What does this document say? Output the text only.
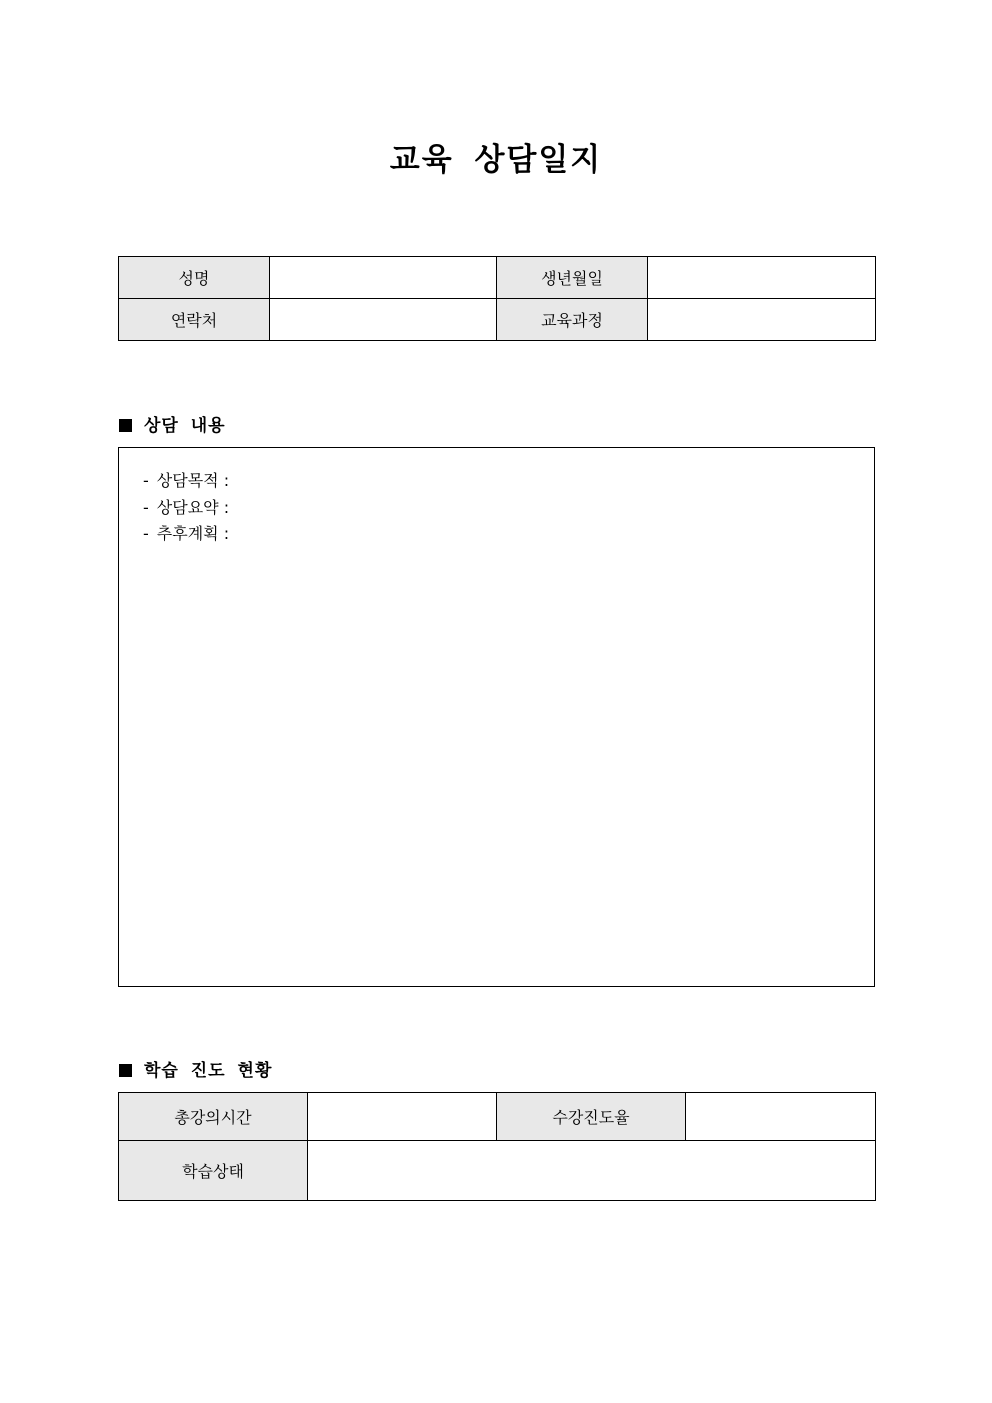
교육 상담일지
성명		생년월일	
연락처		교육과정	
상담 내용
- 상담목적 :
- 상담요약 :
- 추후계획 :
학습 진도 현황
총강의시간		수강진도율	
학습상태			
